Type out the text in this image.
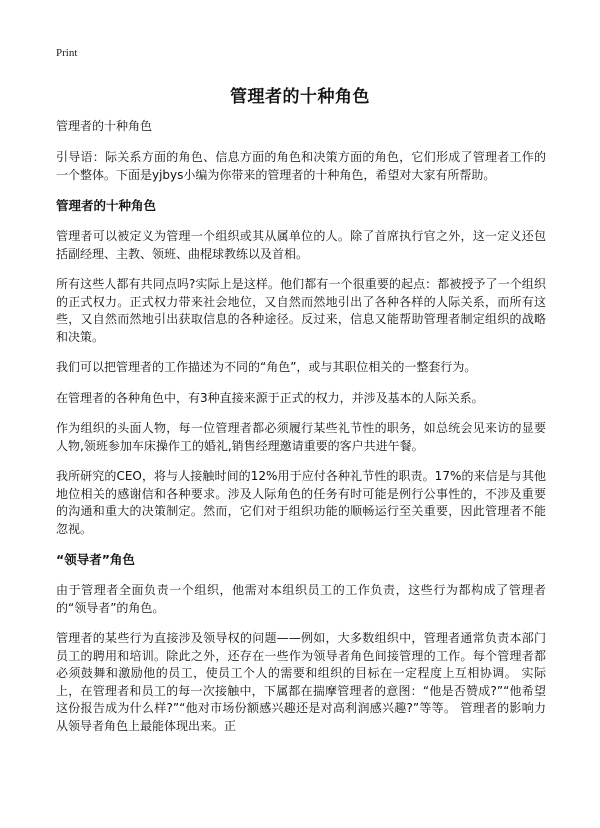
Print
管理者的十种角色
管理者的十种角色

引导语：际关系方面的角色、信息方面的角色和决策方面的角色，它们形成了管理者工作的一个整体。下面是yjbys小编为你带来的管理者的十种角色，希望对大家有所帮助。

管理者的十种角色

管理者可以被定义为管理一个组织或其从属单位的人。除了首席执行官之外，这一定义还包括副经理、主教、领班、曲棍球教练以及首相。

所有这些人都有共同点吗?实际上是这样。他们都有一个很重要的起点：都被授予了一个组织的正式权力。正式权力带来社会地位，又自然而然地引出了各种各样的人际关系，而所有这些，又自然而然地引出获取信息的各种途径。反过来，信息又能帮助管理者制定组织的战略和决策。

我们可以把管理者的工作描述为不同的“角色”，或与其职位相关的一整套行为。

在管理者的各种角色中，有3种直接来源于正式的权力，并涉及基本的人际关系。

作为组织的头面人物，每一位管理者都必须履行某些礼节性的职务，如总统会见来访的显要人物,领班参加车床操作工的婚礼,销售经理邀请重要的客户共进午餐。

我所研究的CEO，将与人接触时间的12%用于应付各种礼节性的职责。17%的来信是与其他地位相关的感谢信和各种要求。涉及人际角色的任务有时可能是例行公事性的，不涉及重要的沟通和重大的决策制定。然而，它们对于组织功能的顺畅运行至关重要，因此管理者不能忽视。

“领导者”角色

由于管理者全面负责一个组织，他需对本组织员工的工作负责，这些行为都构成了管理者的“领导者”的角色。

管理者的某些行为直接涉及领导权的问题——例如，大多数组织中，管理者通常负责本部门员工的聘用和培训。除此之外，还存在一些作为领导者角色间接管理的工作。每个管理者都必须鼓舞和激励他的员工，使员工个人的需要和组织的目标在一定程度上互相协调。 实际上，在管理者和员工的每一次接触中，下属都在揣摩管理者的意图：“他是否赞成?”“他希望这份报告成为什么样?”“他对市场份额感兴趣还是对高利润感兴趣?”等等。 管理者的影响力从领导者角色上最能体现出来。正
